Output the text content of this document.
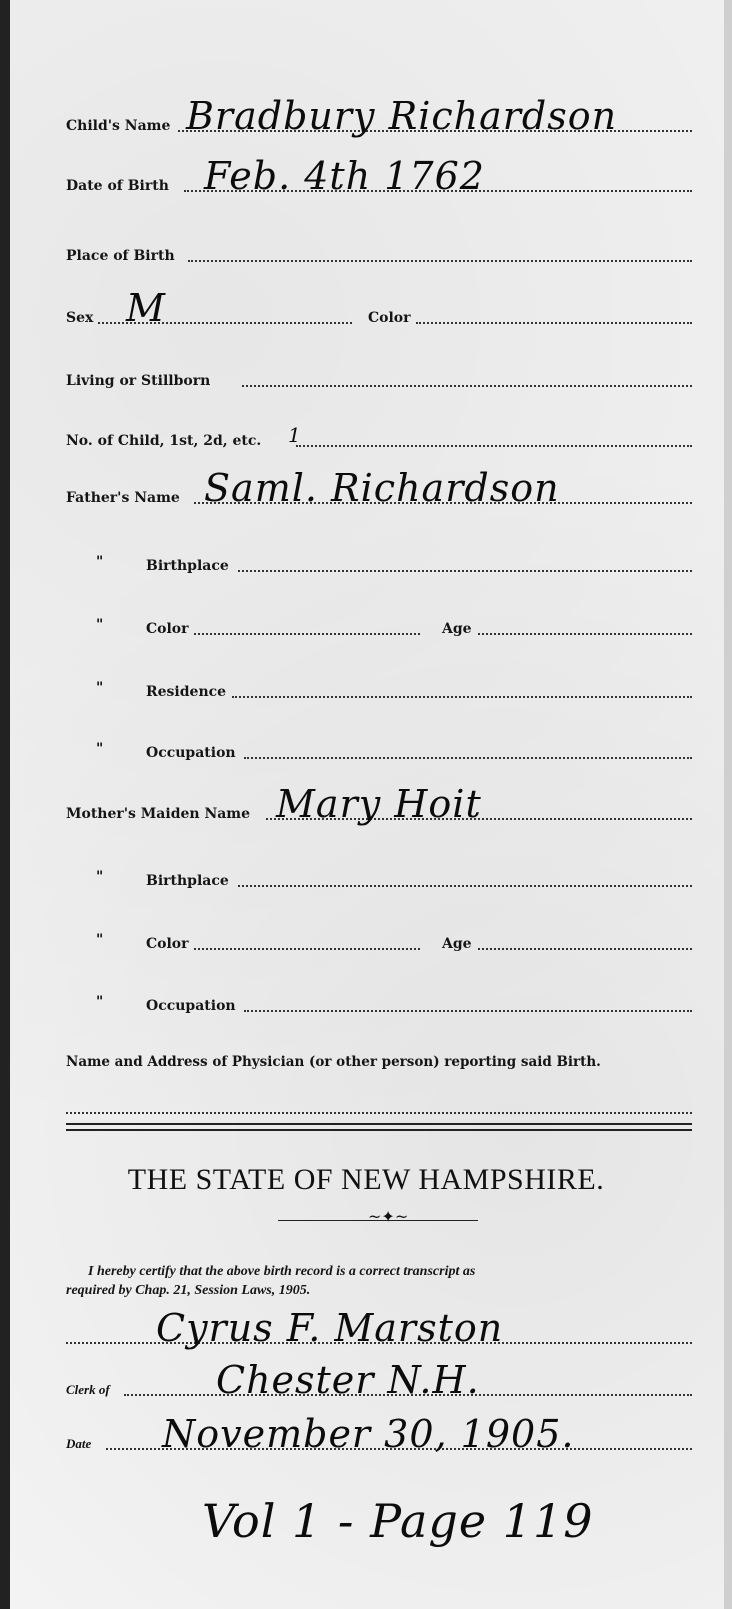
Child's Name Bradbury Richardson
Date of Birth Feb. 4th 1762
Place of Birth
Sex M	Color
Living or Stillborn
No. of Child, 1st, 2d, etc. 1
Father's Name Saml. Richardson
"	Birthplace
"	Color	Age
"	Residence
"	Occupation
Mother's Maiden Name Mary Hoit
"	Birthplace
"	Color	Age
"	Occupation
Name and Address of Physician (or other person) reporting said Birth.
THE STATE OF NEW HAMPSHIRE.
~✦~
I hereby certify that the above birth record is a correct transcript as
required by Chap. 21, Session Laws, 1905.
Cyrus F. Marston
Clerk of	Chester N.H.
Date November 30, 1905.
Vol 1 - Page 119
